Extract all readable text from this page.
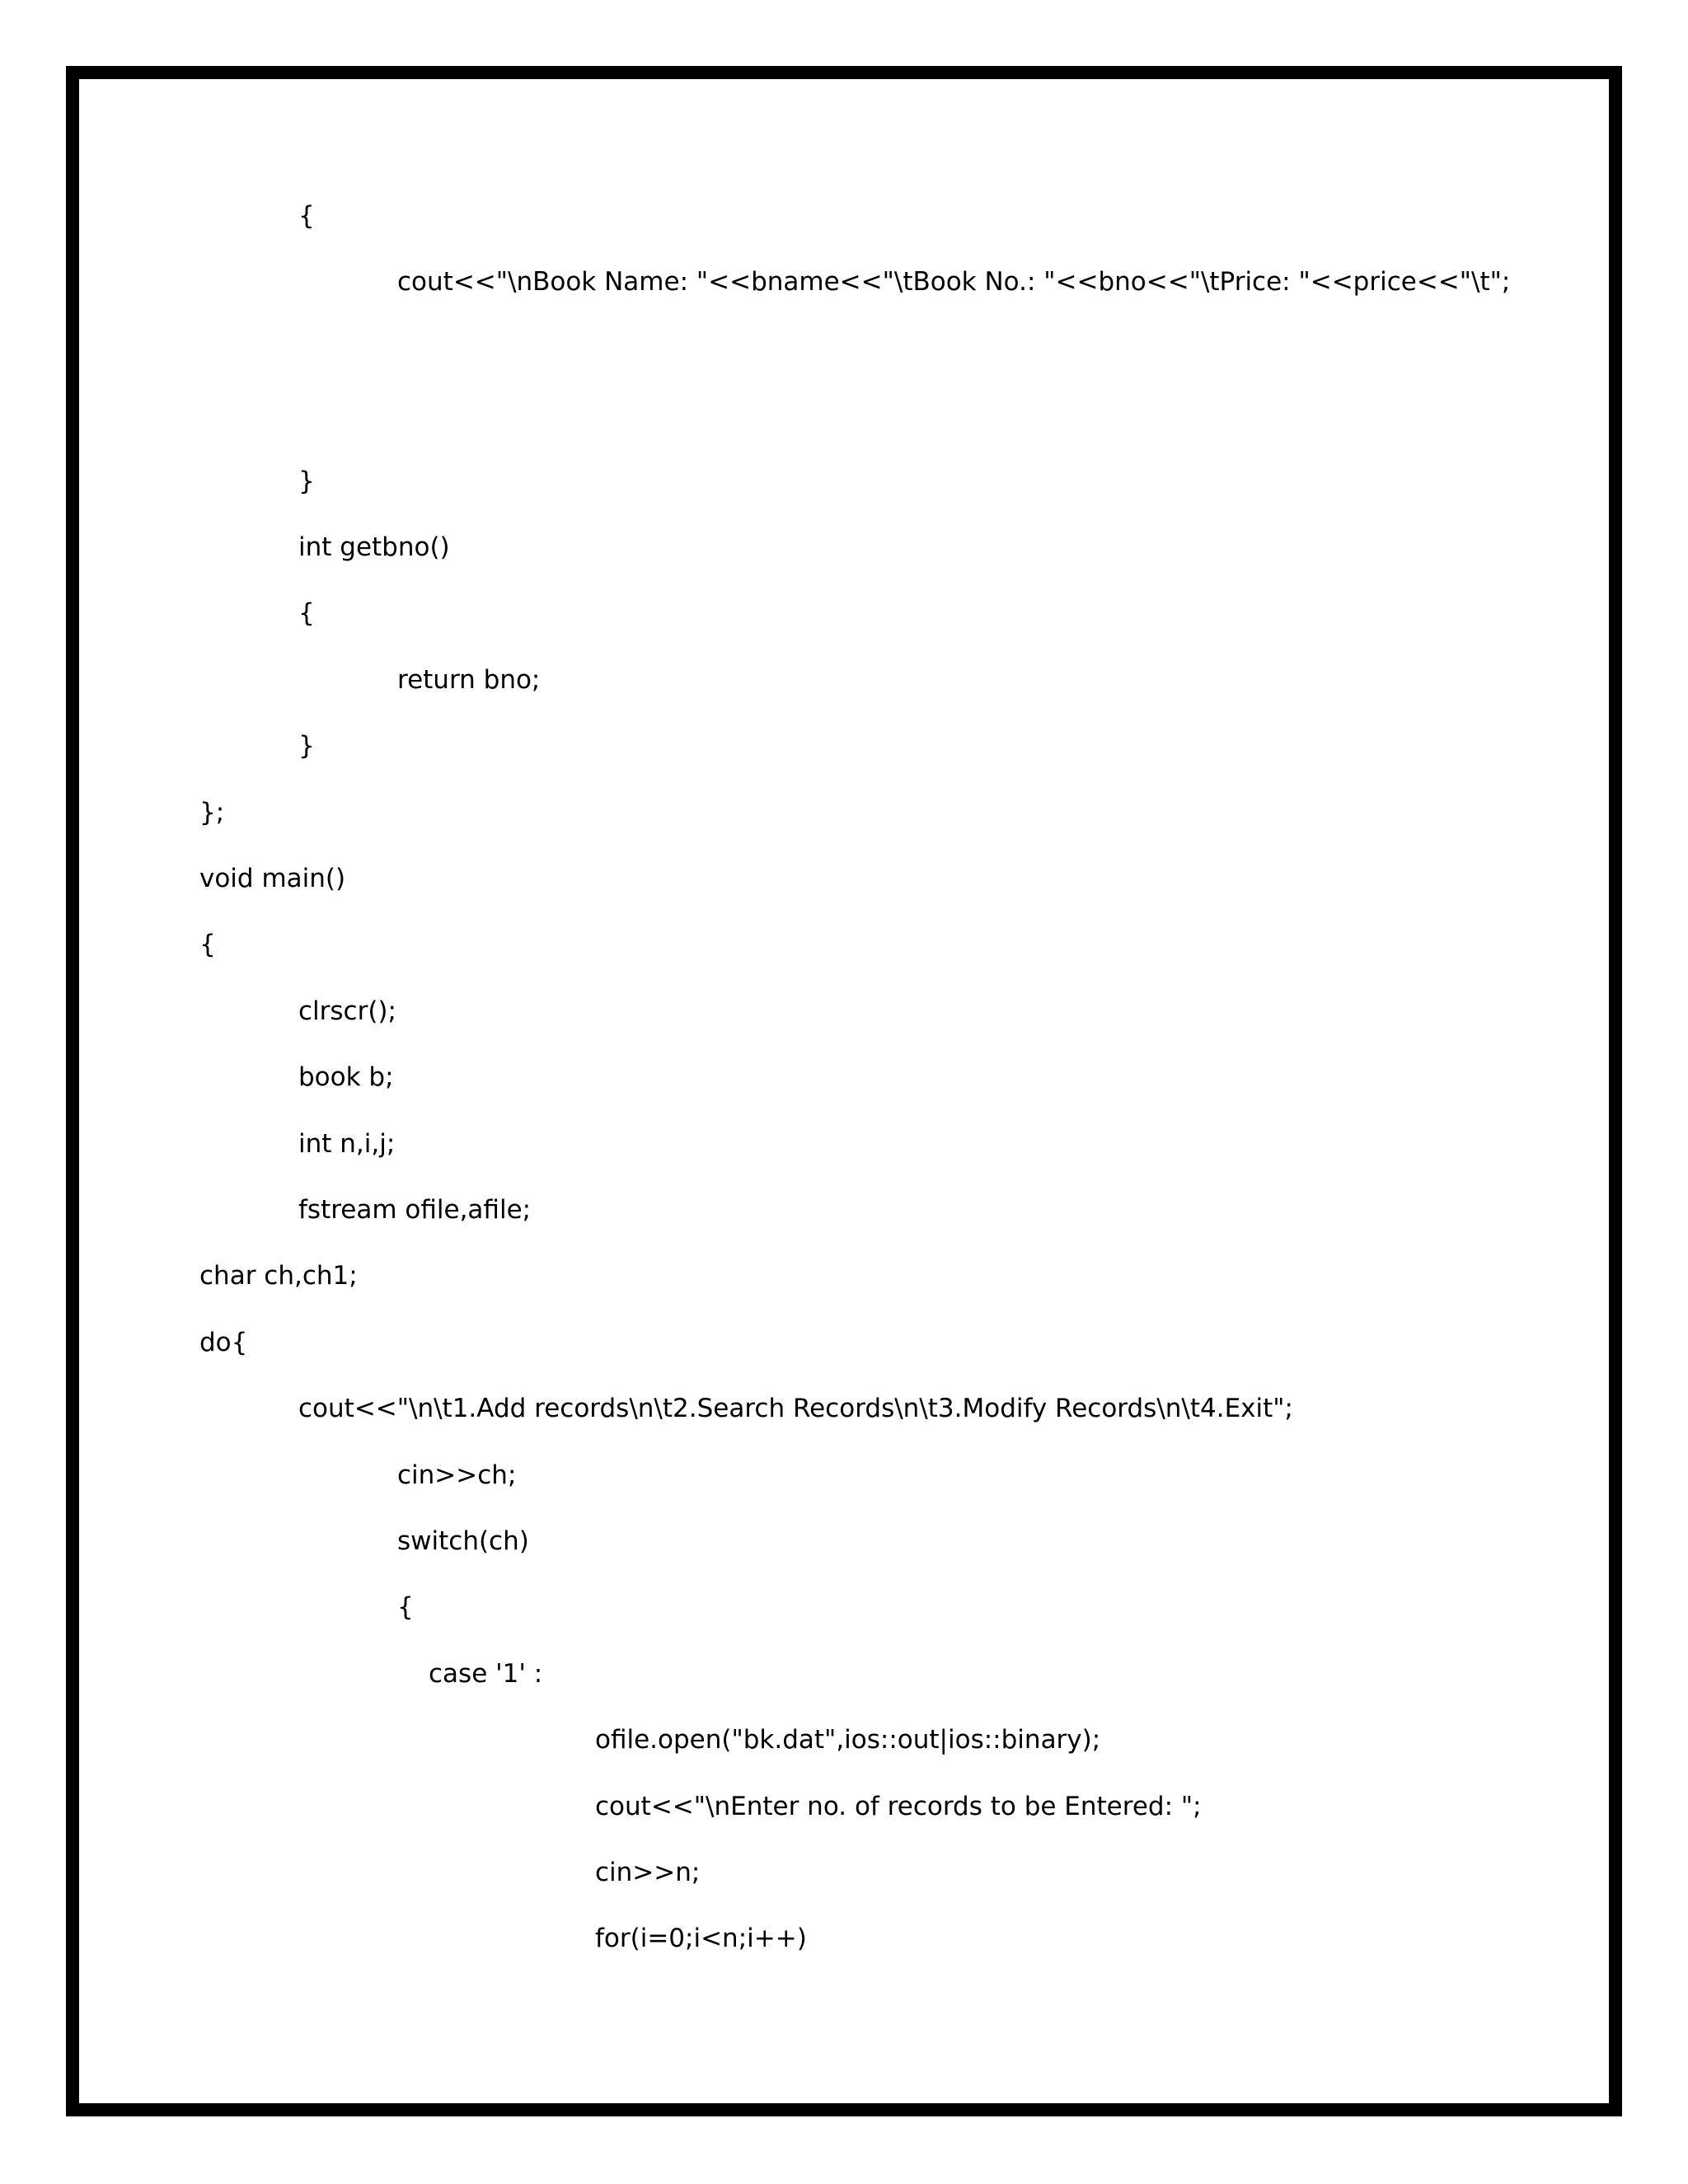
{
cout<<"\nBook Name: "<<bname<<"\tBook No.: "<<bno<<"\tPrice: "<<price<<"\t";
}
int getbno()
{
return bno;
}
};
void main()
{
clrscr();
book b;
int n,i,j;
fstream ofile,afile;
char ch,ch1;
do{
cout<<"\n\t1.Add records\n\t2.Search Records\n\t3.Modify Records\n\t4.Exit";
cin>>ch;
switch(ch)
{
case '1' :
ofile.open("bk.dat",ios::out|ios::binary);
cout<<"\nEnter no. of records to be Entered: ";
cin>>n;
for(i=0;i<n;i++)
